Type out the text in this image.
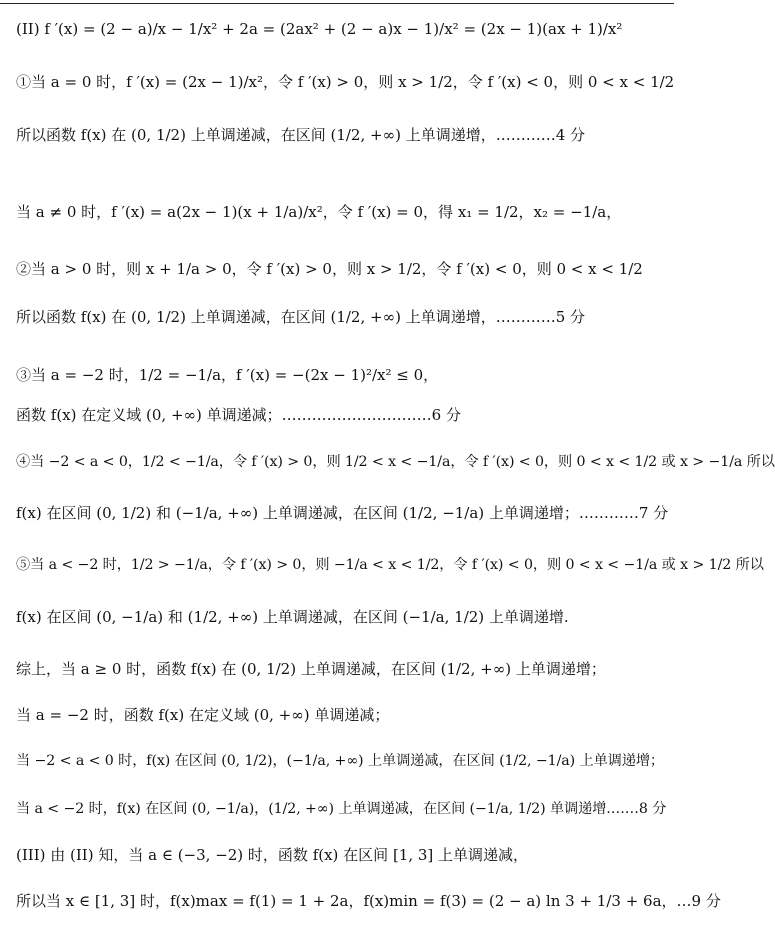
(II) f ′(x) = (2 − a)/x − 1/x² + 2a = (2ax² + (2 − a)x − 1)/x² = (2x − 1)(ax + 1)/x²
①当 a = 0 时，f ′(x) = (2x − 1)/x²，令 f ′(x) > 0，则 x > 1/2，令 f ′(x) < 0，则 0 < x < 1/2
所以函数 f(x) 在 (0, 1/2) 上单调递减，在区间 (1/2, +∞) 上单调递增，…………4 分
当 a ≠ 0 时，f ′(x) = a(2x − 1)(x + 1/a)/x²，令 f ′(x) = 0，得 x₁ = 1/2，x₂ = −1/a，
②当 a > 0 时，则 x + 1/a > 0，令 f ′(x) > 0，则 x > 1/2，令 f ′(x) < 0，则 0 < x < 1/2
所以函数 f(x) 在 (0, 1/2) 上单调递减，在区间 (1/2, +∞) 上单调递增，…………5 分
③当 a = −2 时，1/2 = −1/a，f ′(x) = −(2x − 1)²/x² ≤ 0，
函数 f(x) 在定义域 (0, +∞) 单调递减；…………………………6 分
④当 −2 < a < 0，1/2 < −1/a，令 f ′(x) > 0，则 1/2 < x < −1/a，令 f ′(x) < 0，则 0 < x < 1/2 或 x > −1/a 所以
f(x) 在区间 (0, 1/2) 和 (−1/a, +∞) 上单调递减，在区间 (1/2, −1/a) 上单调递增；…………7 分
⑤当 a < −2 时，1/2 > −1/a，令 f ′(x) > 0，则 −1/a < x < 1/2，令 f ′(x) < 0，则 0 < x < −1/a 或 x > 1/2 所以
f(x) 在区间 (0, −1/a) 和 (1/2, +∞) 上单调递减，在区间 (−1/a, 1/2) 上单调递增.
综上，当 a ≥ 0 时，函数 f(x) 在 (0, 1/2) 上单调递减，在区间 (1/2, +∞) 上单调递增；
当 a = −2 时，函数 f(x) 在定义域 (0, +∞) 单调递减；
当 −2 < a < 0 时，f(x) 在区间 (0, 1/2)，(−1/a, +∞) 上单调递减，在区间 (1/2, −1/a) 上单调递增；
当 a < −2 时，f(x) 在区间 (0, −1/a)，(1/2, +∞) 上单调递减，在区间 (−1/a, 1/2) 单调递增.……8 分
(III) 由 (II) 知，当 a ∈ (−3, −2) 时，函数 f(x) 在区间 [1, 3] 上单调递减，
所以当 x ∈ [1, 3] 时，f(x)max = f(1) = 1 + 2a，f(x)min = f(3) = (2 − a) ln 3 + 1/3 + 6a，…9 分
